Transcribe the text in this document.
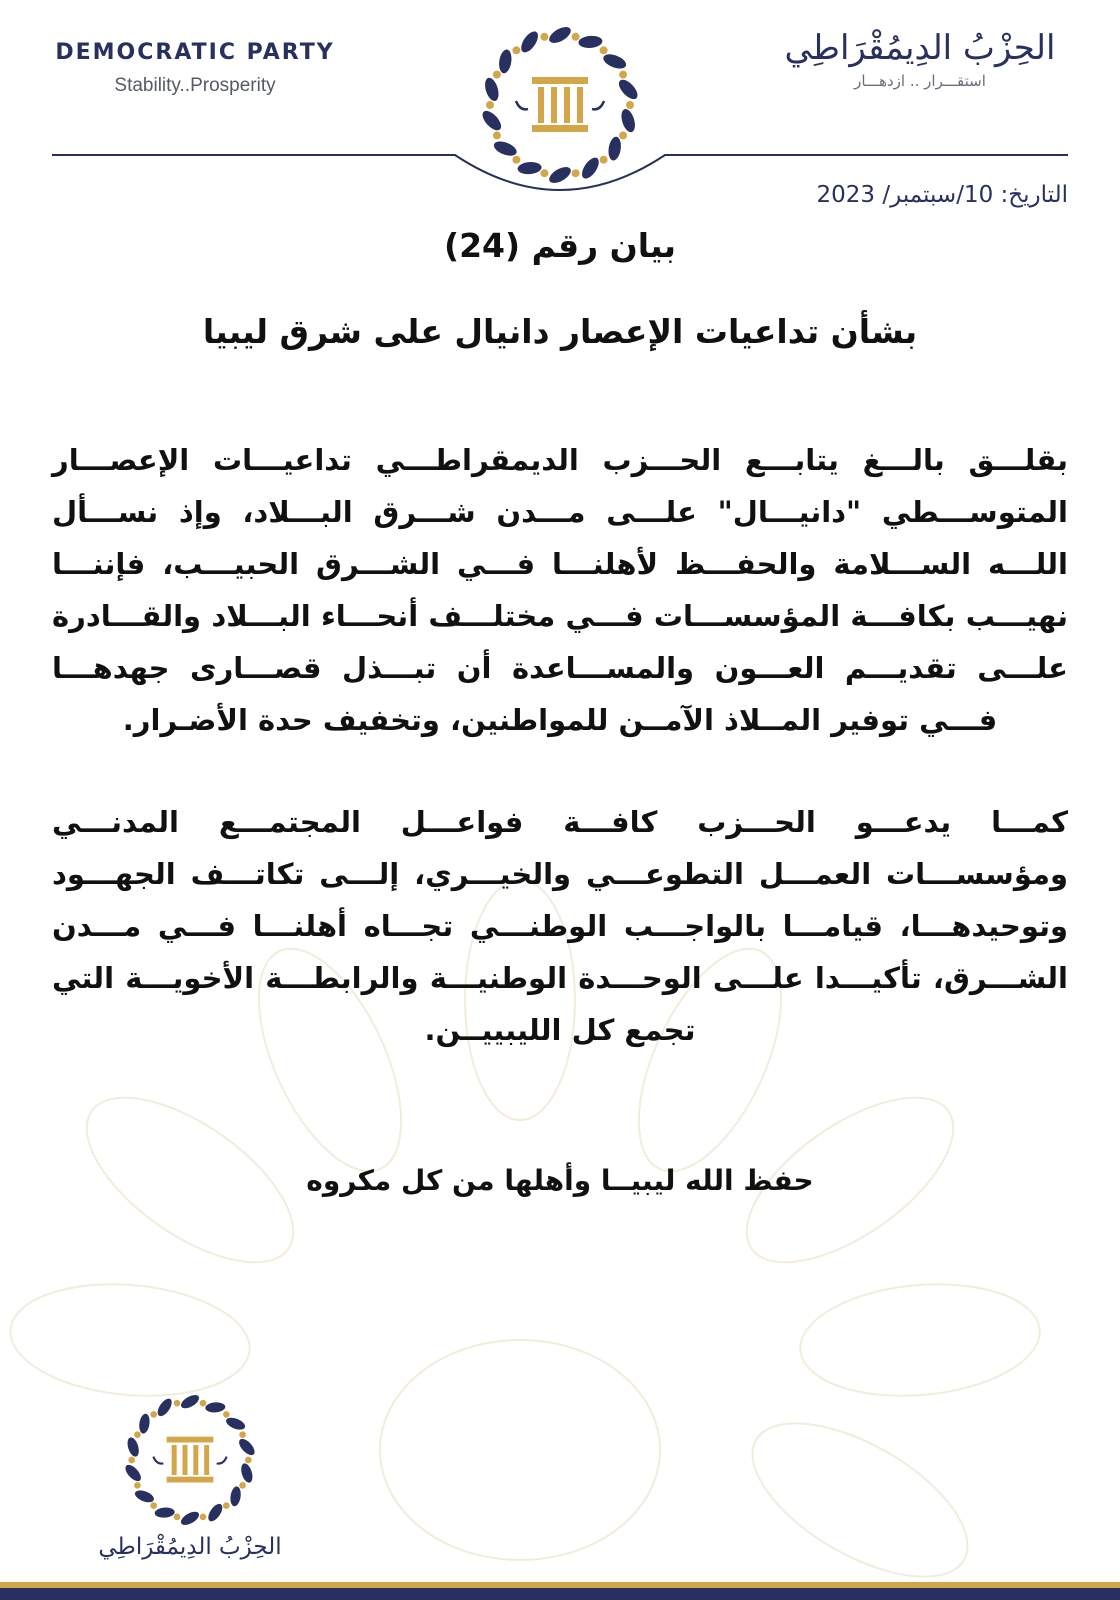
DEMOCRATIC PARTY
Stability..Prosperity
الحِزْبُ الدِيمُقْرَاطِي
استقـــرار .. ازدهـــار
التاريخ: 10/سبتمبر/ 2023
بيان رقم (24)
بشأن تداعيات الإعصار دانيال على شرق ليبيا
بقلـــق بالـــغ يتابـــع الحـــزب الديمقراطـــي تداعيـــات الإعصـــار المتوســـطي "دانيـــال" علـــى مـــدن شـــرق البـــلاد، وإذ نســـأل اللـــه الســـلامة والحفـــظ لأهلنـــا فـــي الشـــرق الحبيـــب، فإننـــا نهيـــب بكافـــة المؤسســـات فـــي مختلـــف أنحـــاء البـــلاد والقـــادرة علـــى تقديـــم العـــون والمســـاعدة أن تبـــذل قصـــارى جهدهـــا فـــي توفير المــلاذ الآمــن للمواطنين، وتخفيف حدة الأضـرار.
كمـــا يدعـــو الحـــزب كافـــة فواعـــل المجتمـــع المدنـــي ومؤسســـات العمـــل التطوعـــي والخيـــري، إلـــى تكاتـــف الجهـــود وتوحيدهـــا، قيامـــا بالواجـــب الوطنـــي تجـــاه أهلنـــا فـــي مـــدن الشـــرق، تأكيـــدا علـــى الوحـــدة الوطنيـــة والرابطـــة الأخويـــة التي تجمع كل الليبييــن.
حفظ الله ليبيــا وأهلها من كل مكروه
الحِزْبُ الدِيمُقْرَاطِي
